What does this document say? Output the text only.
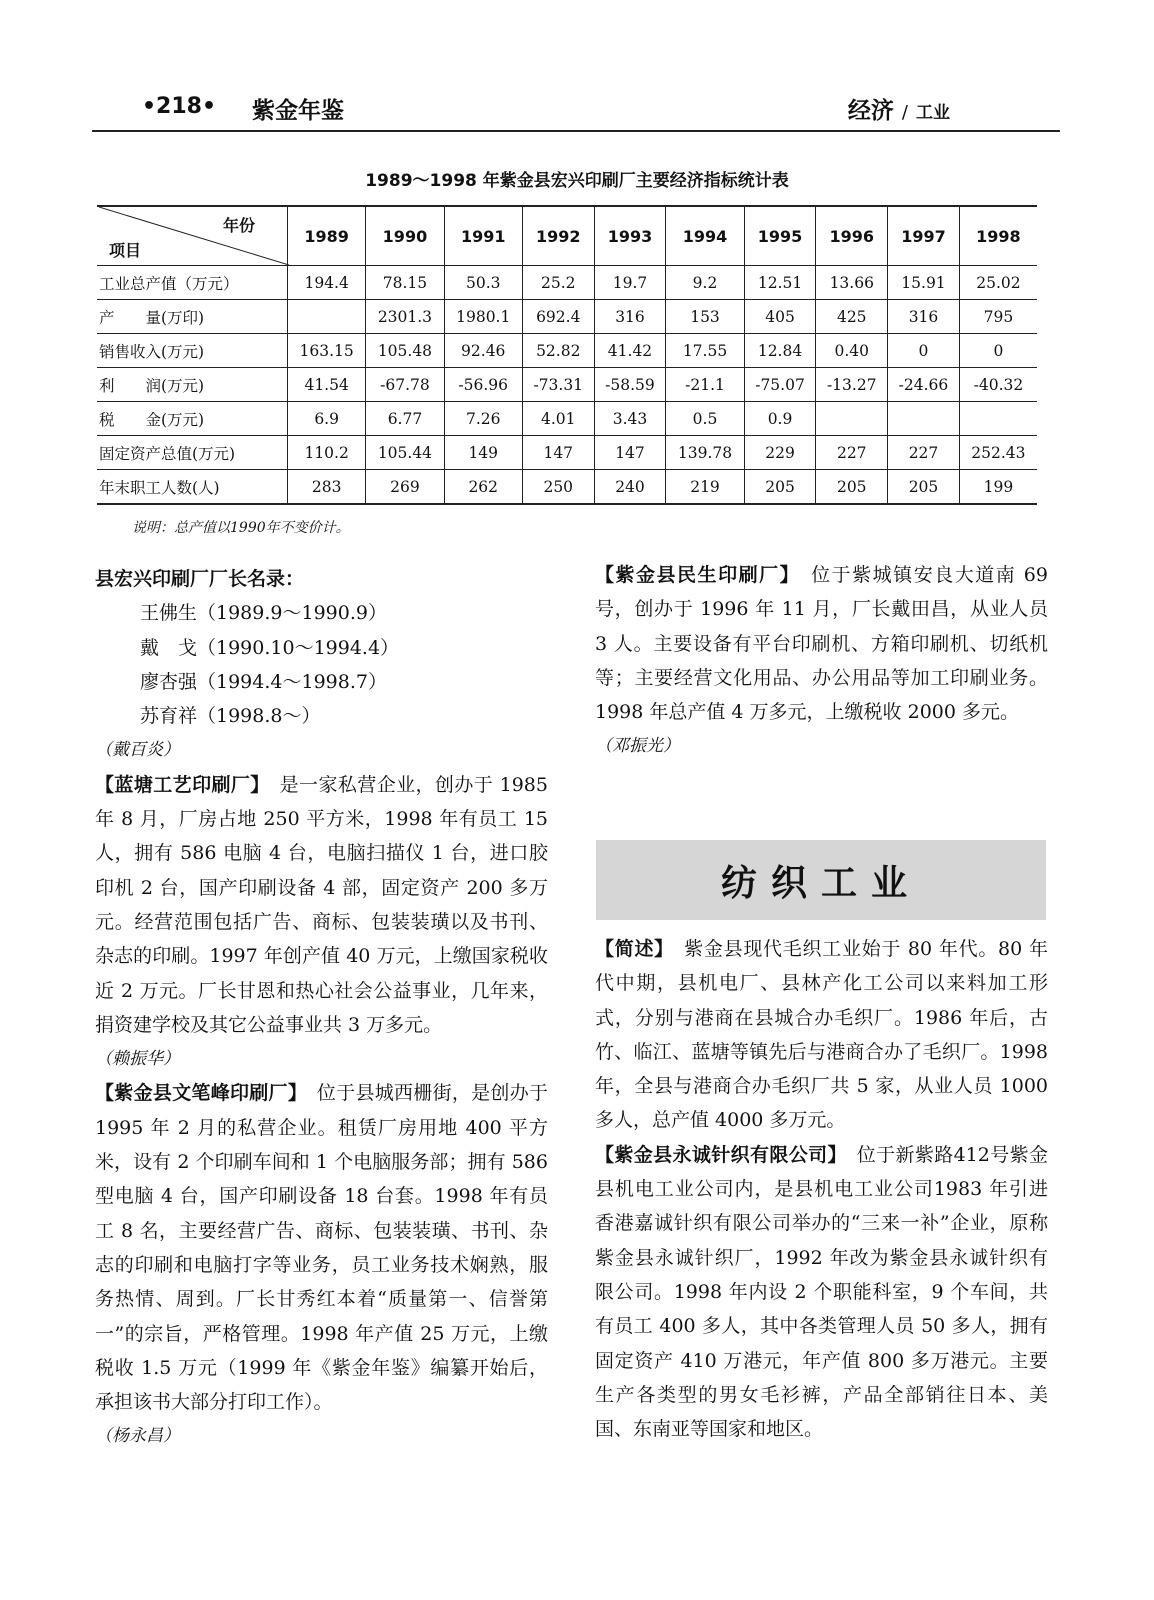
•218• 紫金年鉴	经济 / 工业
1989～1998 年紫金县宏兴印刷厂主要经济指标统计表
年份
项目	1989	1990	1991	1992	1993	1994	1995	1996	1997	1998
工业总产值（万元）	194.4	78.15	50.3	25.2	19.7	9.2	12.51	13.66	15.91	25.02
产　　量(万印)		2301.3	1980.1	692.4	316	153	405	425	316	795
销售收入(万元)	163.15	105.48	92.46	52.82	41.42	17.55	12.84	0.40	0	0
利　　润(万元)	41.54	-67.78	-56.96	-73.31	-58.59	-21.1	-75.07	-13.27	-24.66	-40.32
税　　金(万元)	6.9	6.77	7.26	4.01	3.43	0.5	0.9			
固定资产总值(万元)	110.2	105.44	149	147	147	139.78	229	227	227	252.43
年末职工人数(人)	283	269	262	250	240	219	205	205	205	199
说明：总产值以1990年不变价计。

县宏兴印刷厂厂长名录：

王佛生（1989.9～1990.9）

戴　戈（1990.10～1994.4）

廖杏强（1994.4～1998.7）

苏育祥（1998.8～）

（戴百炎）

【蓝塘工艺印刷厂】　是一家私营企业，创办于 1985 年 8 月，厂房占地 250 平方米，1998 年有员工 15 人，拥有 586 电脑 4 台，电脑扫描仪 1 台，进口胶印机 2 台，国产印刷设备 4 部，固定资产 200 多万元。经营范围包括广告、商标、包装装璜以及书刊、杂志的印刷。1997 年创产值 40 万元，上缴国家税收近 2 万元。厂长甘恩和热心社会公益事业，几年来，捐资建学校及其它公益事业共 3 万多元。

（赖振华）

【紫金县文笔峰印刷厂】　位于县城西栅街，是创办于 1995 年 2 月的私营企业。租赁厂房用地 400 平方米，设有 2 个印刷车间和 1 个电脑服务部；拥有 586 型电脑 4 台，国产印刷设备 18 台套。1998 年有员工 8 名，主要经营广告、商标、包装装璜、书刊、杂志的印刷和电脑打字等业务，员工业务技术娴熟，服务热情、周到。厂长甘秀红本着“质量第一、信誉第一”的宗旨，严格管理。1998 年产值 25 万元，上缴税收 1.5 万元（1999 年《紫金年鉴》编纂开始后，承担该书大部分打印工作）。

（杨永昌）

【紫金县民生印刷厂】　位于紫城镇安良大道南 69 号，创办于 1996 年 11 月，厂长戴田昌，从业人员 3 人。主要设备有平台印刷机、方箱印刷机、切纸机等；主要经营文化用品、办公用品等加工印刷业务。1998 年总产值 4 万多元，上缴税收 2000 多元。

（邓振光）

纺织工业

【简述】　紫金县现代毛织工业始于 80 年代。80 年代中期，县机电厂、县林产化工公司以来料加工形式，分别与港商在县城合办毛织厂。1986 年后，古竹、临江、蓝塘等镇先后与港商合办了毛织厂。1998 年，全县与港商合办毛织厂共 5 家，从业人员 1000 多人，总产值 4000 多万元。

【紫金县永诚针织有限公司】　位于新紫路412号紫金县机电工业公司内，是县机电工业公司1983 年引进香港嘉诚针织有限公司举办的“三来一补”企业，原称紫金县永诚针织厂，1992 年改为紫金县永诚针织有限公司。1998 年内设 2 个职能科室，9 个车间，共有员工 400 多人，其中各类管理人员 50 多人，拥有固定资产 410 万港元，年产值 800 多万港元。主要生产各类型的男女毛衫裤，产品全部销往日本、美国、东南亚等国家和地区。
